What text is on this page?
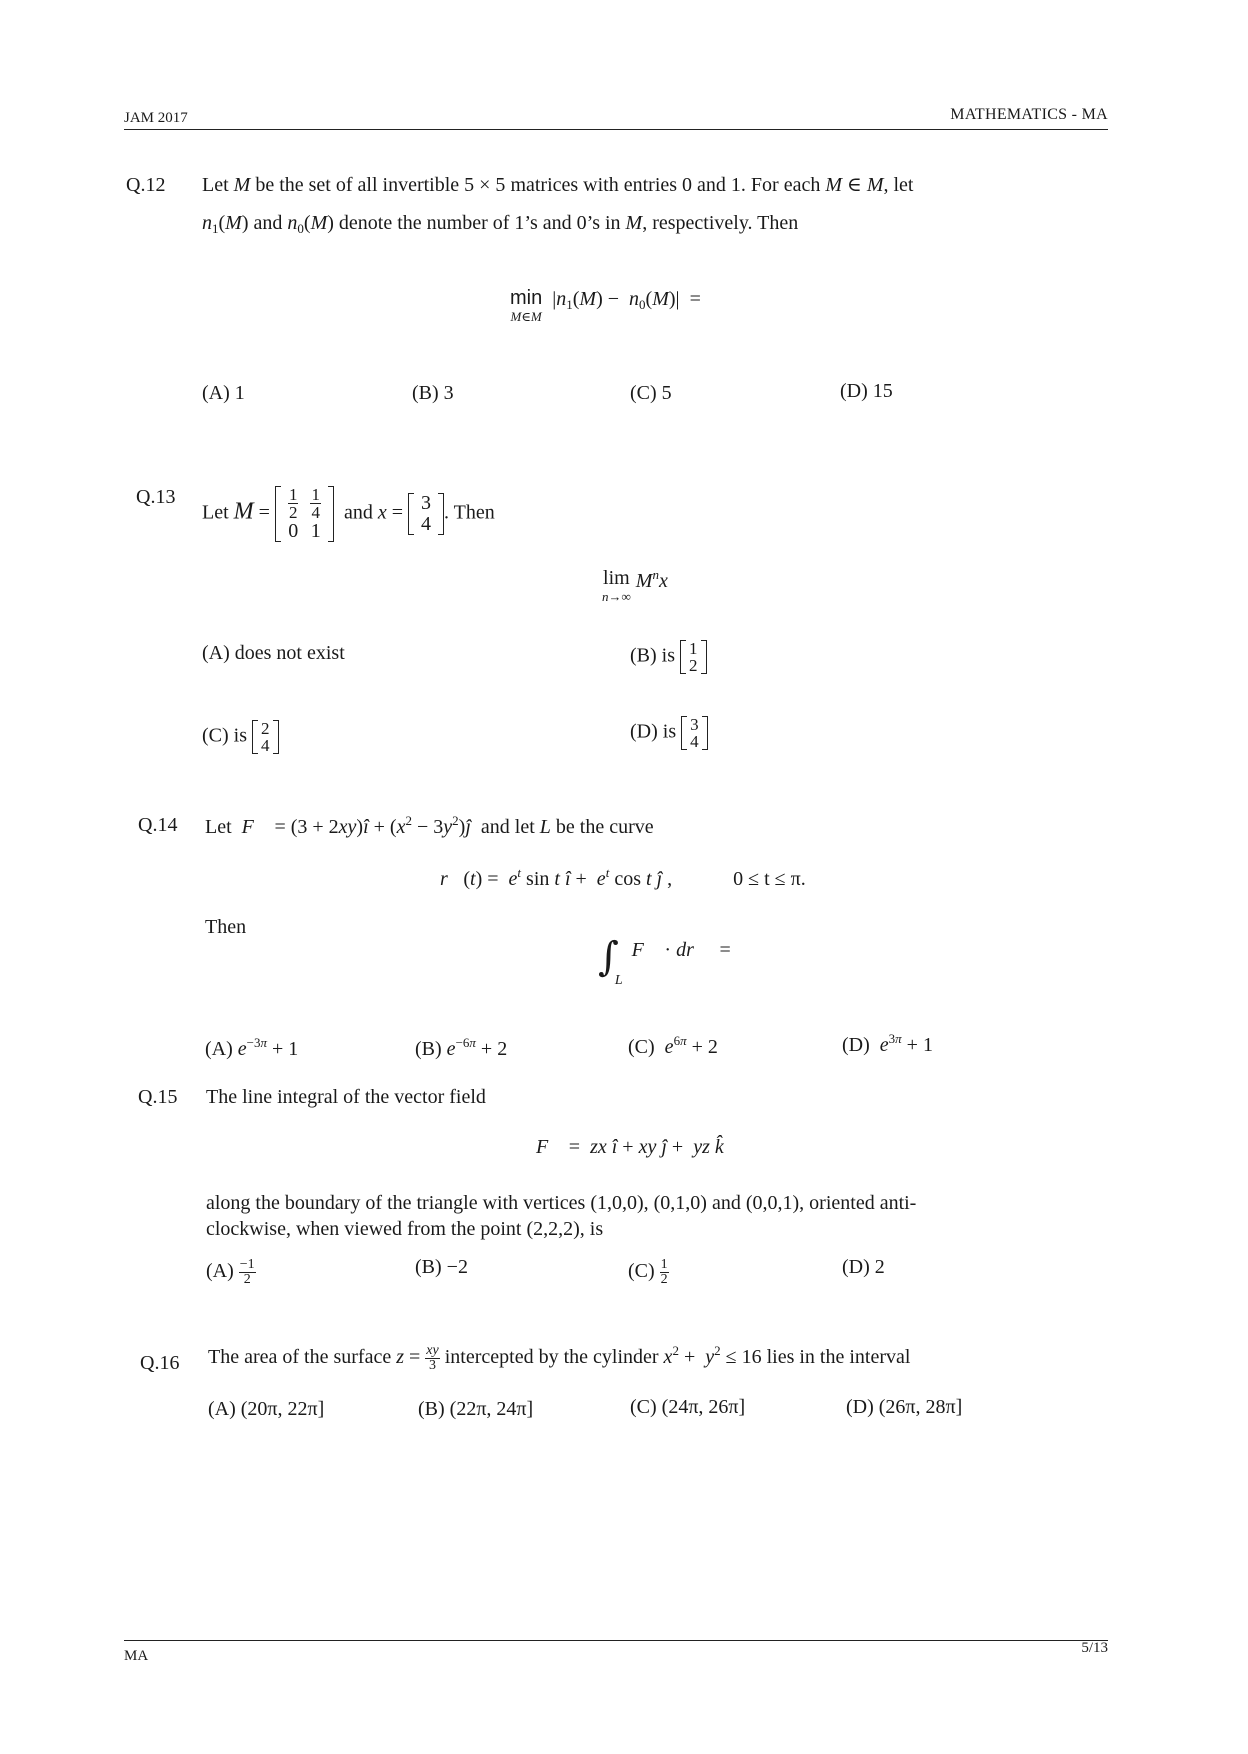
JAM 2017	MATHEMATICS - MA
Q.12 Let M be the set of all invertible 5 × 5 matrices with entries 0 and 1. For each M ∈ M, let
$n_1(M)$ and $n_0(M)$ denote the number of 1’s and 0’s in M, respectively. Then
min
M∈M
$|n_1(M) - n_0(M)|$  =
(A) 1	(B) 3	(C) 5	(D) 15
Q.13
Let $M = \frac{1}{2}$	$\frac{1}{4}$

0	1
and x = 3
4
. Then
lim
n→∞
$M^nx$
(A) does not exist	(B) is 1
2
(C) is 2
4
(D) is 3
4
Q.14 Let F⃗ = (3 + 2xy)î + ($x^2$ − $3y^2)ĵ$ and let L be the curve
r⃗(t) =  $e^t$ sin t î +  $e^t$ cos t ĵ ,	0 ≤ t ≤ π.
Then
$\int_L$ F⃗ · dr⃗  =
(A) $e^{-3\pi} + 1$	(B) $e^{-6\pi} + 2$	(C) $e^{6\pi} + 2$	(D) $e^{3\pi} + 1$
Q.15 The line integral of the vector field
F⃗ =  zx î + xy ĵ +  yz k̂
along the boundary of the triangle with vertices (1,0,0), (0,1,0) and (0,0,1), oriented anti-
clockwise, when viewed from the point (2,2,2), is
$(A) \frac{-1}{2}$	(B) −2	$(C) \frac{1}{2}$	(D) 2
Q.16 The area of the surface $z = \frac{xy}{3}$ intercepted by the cylinder $x^2 + y^2 \le 16$ lies in the interval
(A) (20π, 22π]	(B) (22π, 24π]	(C) (24π, 26π]	(D) (26π, 28π]
MA	5/13
